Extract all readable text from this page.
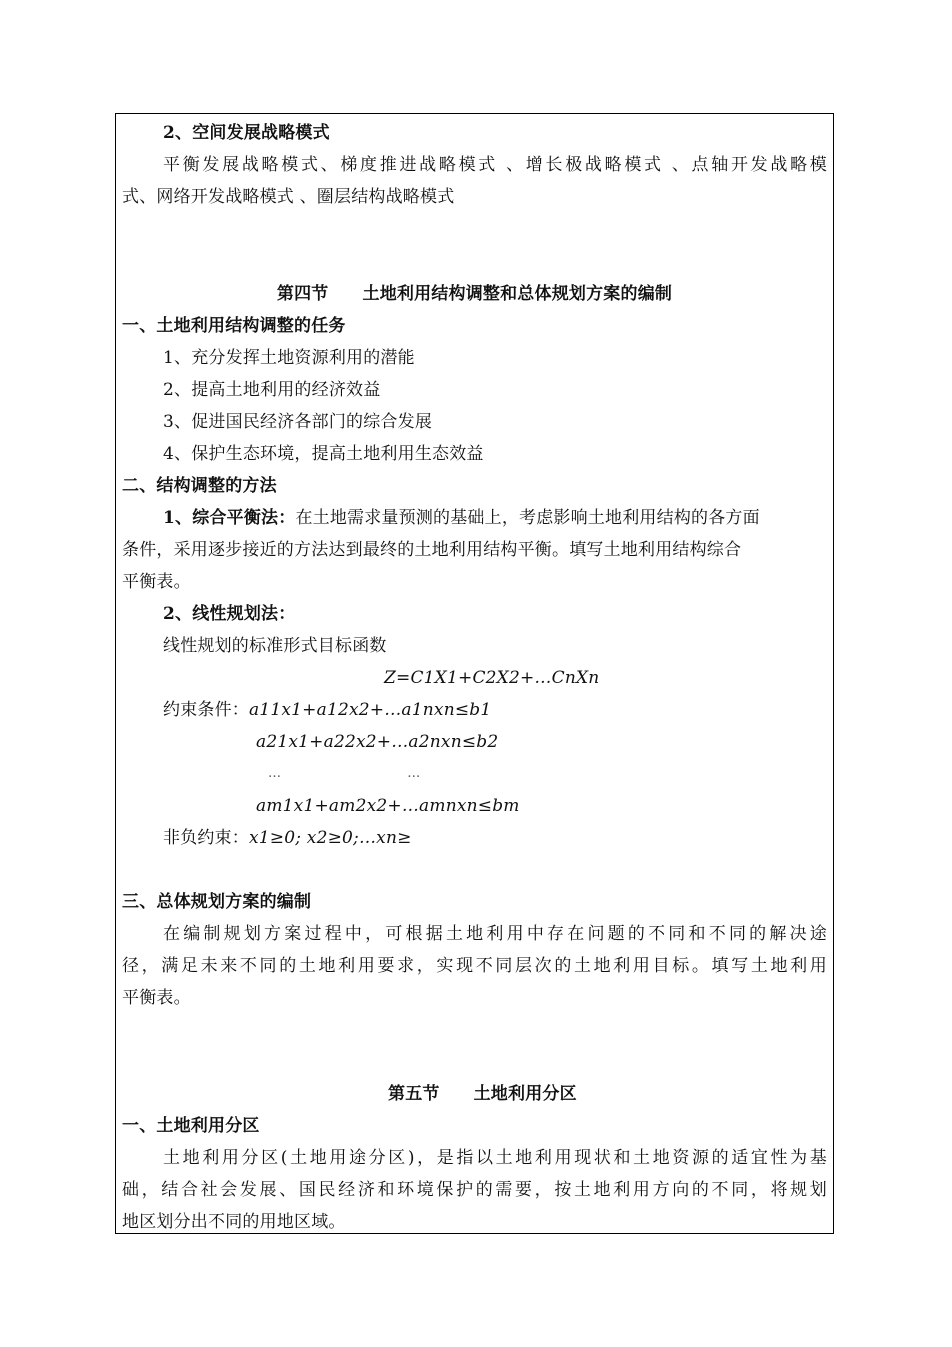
2、空间发展战略模式
平衡发展战略模式、梯度推进战略模式 、增长极战略模式 、点轴开发战略模
式、网络开发战略模式 、圈层结构战略模式
第四节 土地利用结构调整和总体规划方案的编制
一、土地利用结构调整的任务
1、充分发挥土地资源利用的潜能
2、提高土地利用的经济效益
3、促进国民经济各部门的综合发展
4、保护生态环境，提高土地利用生态效益
二、结构调整的方法
1、综合平衡法：在土地需求量预测的基础上，考虑影响土地利用结构的各方面
条件，采用逐步接近的方法达到最终的土地利用结构平衡。填写土地利用结构综合
平衡表。
2、线性规划法：
线性规划的标准形式目标函数
Z=C1X1+C2X2+…CnXn
约束条件：a11x1+a12x2+…a1nxn≤b1
a21x1+a22x2+…a2nxn≤b2
…	…
am1x1+am2x2+…amnxn≤bm
非负约束：x1≥0; x2≥0;…xn≥
三、总体规划方案的编制
在编制规划方案过程中，可根据土地利用中存在问题的不同和不同的解决途
径，满足未来不同的土地利用要求，实现不同层次的土地利用目标。填写土地利用
平衡表。
第五节 土地利用分区
一、土地利用分区
土地利用分区(土地用途分区)，是指以土地利用现状和土地资源的适宜性为基
础，结合社会发展、国民经济和环境保护的需要，按土地利用方向的不同，将规划
地区划分出不同的用地区域。
